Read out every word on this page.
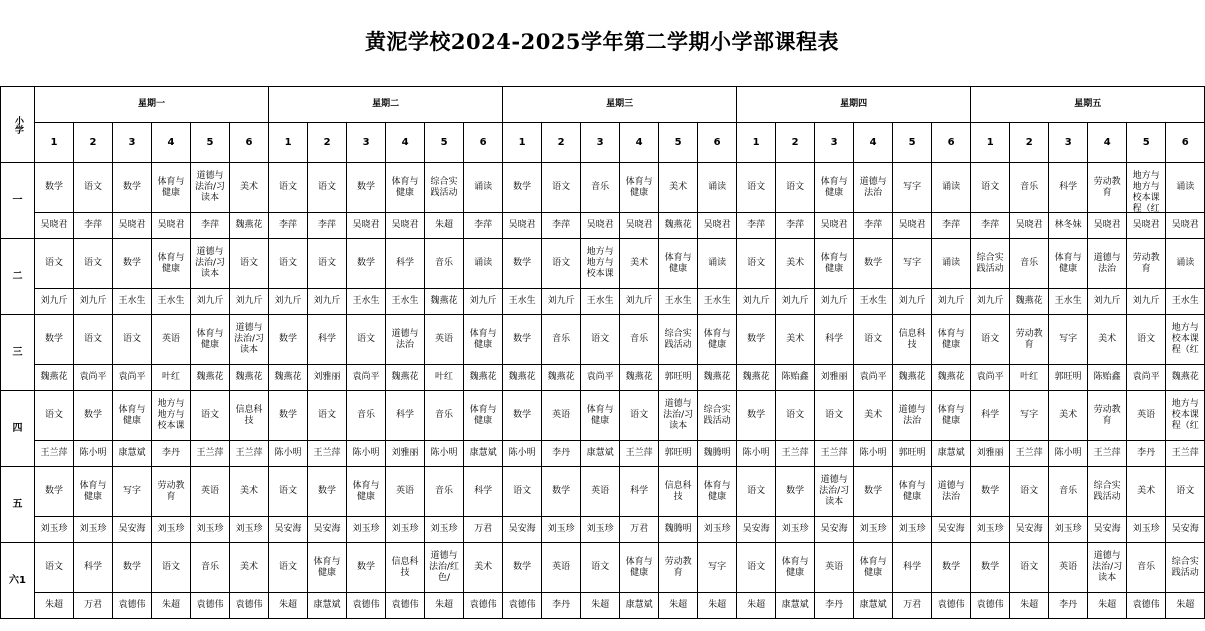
黄泥学校2024-2025学年第二学期小学部课程表
小学	星期一						星期二						星期三						星期四						星期五					

	1	2	3	4	5	6	1	2	3	4	5	6	1	2	3	4	5	6	1	2	3	4	5	6	1	2	3	4	5	6

一	数学	语文	数学	体育与健康	道德与法治/习读本	美术	语文	语文	数学	体育与健康	综合实践活动	诵读	数学	语文	音乐	体育与健康	美术	诵读	语文	语文	体育与健康	道德与法治	写字	诵读	语文	音乐	科学	劳动教育	地方与地方与校本课程（红	诵读

	吴晓君	李萍	吴晓君	吴晓君	李萍	魏燕花	李萍	李萍	吴晓君	吴晓君	朱超	李萍	吴晓君	李萍	吴晓君	吴晓君	魏燕花	吴晓君	李萍	李萍	吴晓君	李萍	吴晓君	李萍	李萍	吴晓君	林冬妹	吴晓君	吴晓君	吴晓君

二	语文	语文	数学	体育与健康	道德与法治/习读本	语文	语文	语文	数学	科学	音乐	诵读	数学	语文	地方与地方与校本课	美术	体育与健康	诵读	语文	美术	体育与健康	数学	写字	诵读	综合实践活动	音乐	体育与健康	道德与法治	劳动教育	诵读

	刘九斤	刘九斤	王水生	王水生	刘九斤	刘九斤	刘九斤	刘九斤	王水生	王水生	魏燕花	刘九斤	王水生	刘九斤	王水生	刘九斤	王水生	王水生	刘九斤	刘九斤	刘九斤	王水生	刘九斤	刘九斤	刘九斤	魏燕花	王水生	刘九斤	刘九斤	王水生

三	数学	语文	语文	英语	体育与健康	道德与法治/习读本	数学	科学	语文	道德与法治	英语	体育与健康	数学	音乐	语文	音乐	综合实践活动	体育与健康	数学	美术	科学	语文	信息科技	体育与健康	语文	劳动教育	写字	美术	语文	地方与校本课程（红

	魏燕花	袁尚平	袁尚平	叶红	魏燕花	魏燕花	魏燕花	刘雅丽	袁尚平	魏燕花	叶红	魏燕花	魏燕花	魏燕花	袁尚平	魏燕花	郭旺明	魏燕花	魏燕花	陈贻鑫	刘雅丽	袁尚平	魏燕花	魏燕花	袁尚平	叶红	郭旺明	陈贻鑫	袁尚平	魏燕花

四	语文	数学	体育与健康	地方与地方与校本课	语文	信息科技	数学	语文	音乐	科学	音乐	体育与健康	数学	英语	体育与健康	语文	道德与法治/习读本	综合实践活动	数学	语文	语文	美术	道德与法治	体育与健康	科学	写字	美术	劳动教育	英语	地方与校本课程（红

	王兰萍	陈小明	康慧斌	李丹	王兰萍	王兰萍	陈小明	王兰萍	陈小明	刘雅丽	陈小明	康慧斌	陈小明	李丹	康慧斌	王兰萍	郭旺明	魏腾明	陈小明	王兰萍	王兰萍	陈小明	郭旺明	康慧斌	刘雅丽	王兰萍	陈小明	王兰萍	李丹	王兰萍

五	数学	体育与健康	写字	劳动教育	英语	美术	语文	数学	体育与健康	英语	音乐	科学	语文	数学	英语	科学	信息科技	体育与健康	语文	数学	道德与法治/习读本	数学	体育与健康	道德与法治	数学	语文	音乐	综合实践活动	美术	语文

	刘玉珍	刘玉珍	吴安海	刘玉珍	刘玉珍	刘玉珍	吴安海	吴安海	刘玉珍	刘玉珍	刘玉珍	万君	吴安海	刘玉珍	刘玉珍	万君	魏腾明	刘玉珍	吴安海	刘玉珍	吴安海	刘玉珍	刘玉珍	吴安海	刘玉珍	吴安海	刘玉珍	吴安海	刘玉珍	吴安海

六1	语文	科学	数学	语文	音乐	美术	语文	体育与健康	数学	信息科技	道德与法治/红色/	美术	数学	英语	语文	体育与健康	劳动教育	写字	语文	体育与健康	英语	体育与健康	科学	数学	数学	语文	英语	道德与法治/习读本	音乐	综合实践活动

	朱超	万君	袁德伟	朱超	袁德伟	袁德伟	朱超	康慧斌	袁德伟	袁德伟	朱超	袁德伟	袁德伟	李丹	朱超	康慧斌	朱超	朱超	朱超	康慧斌	李丹	康慧斌	万君	袁德伟	袁德伟	朱超	李丹	朱超	袁德伟	朱超
